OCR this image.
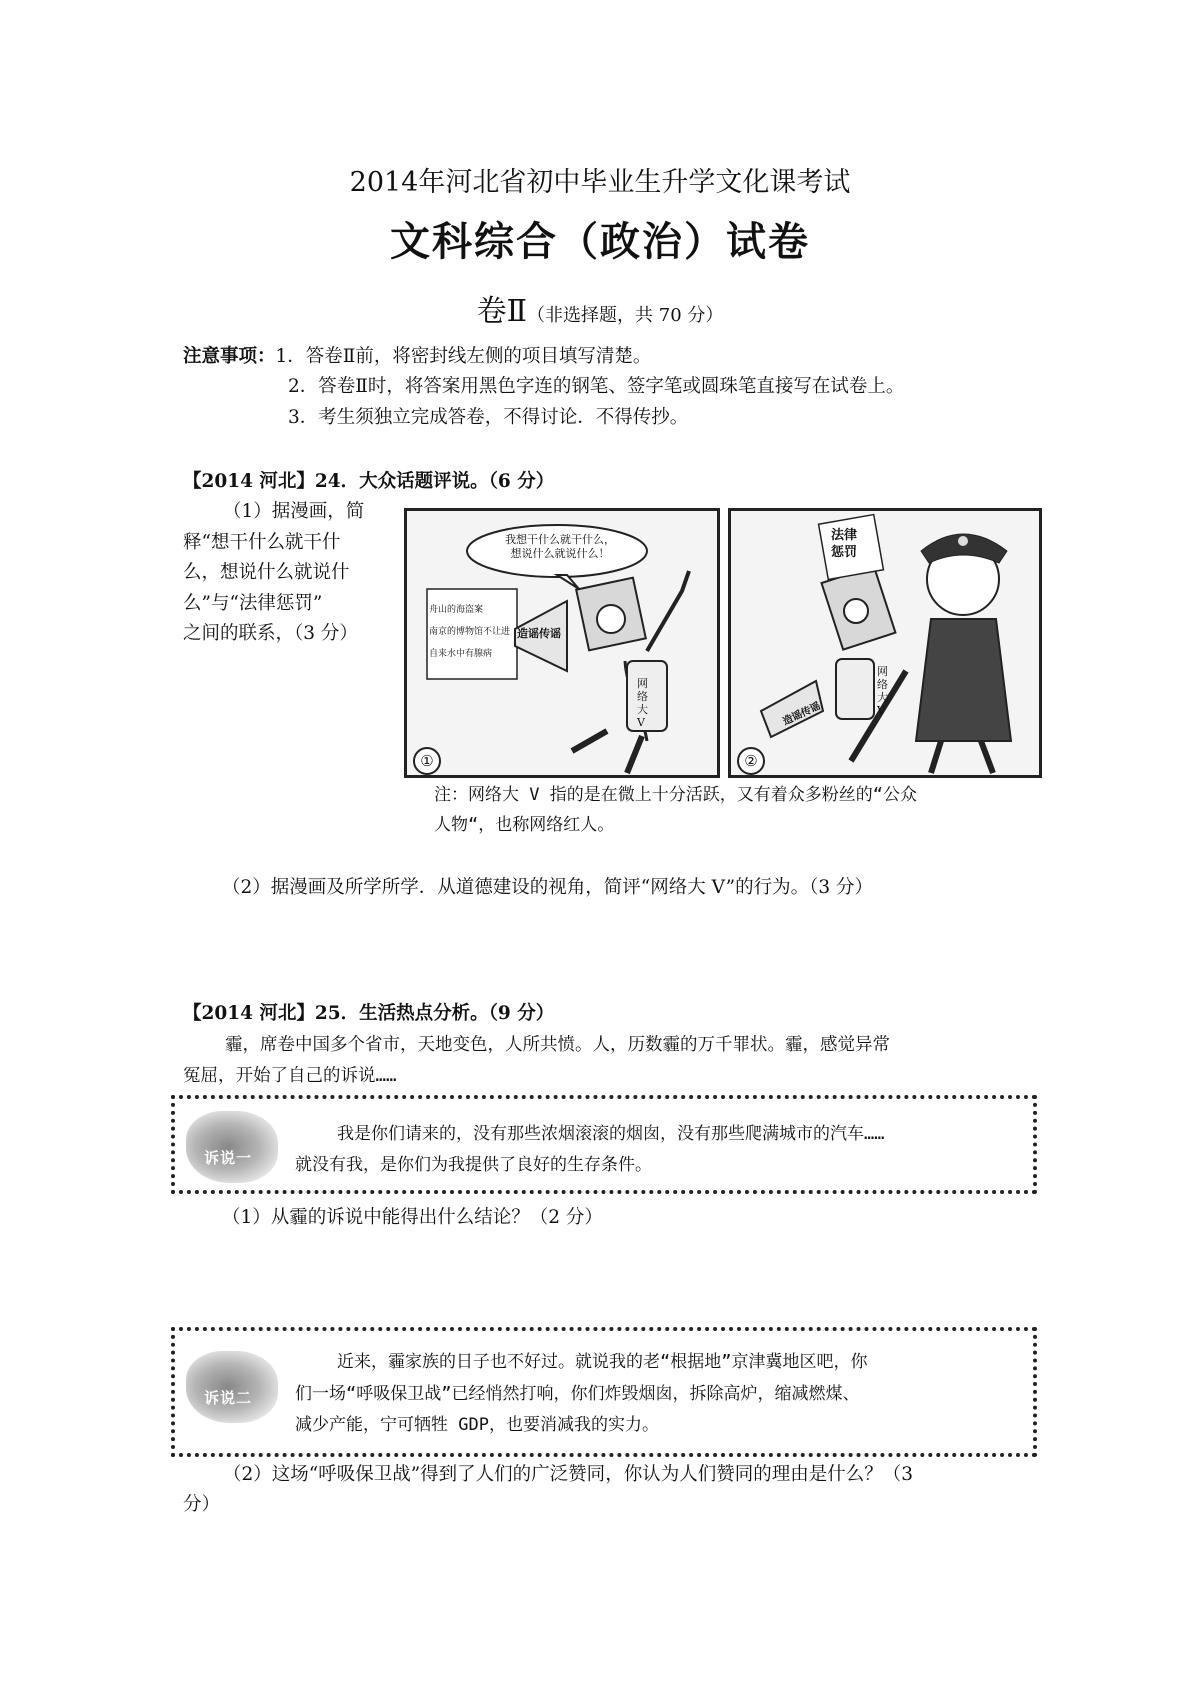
2014年河北省初中毕业生升学文化课考试
文科综合（政治）试卷
卷Ⅱ（非选择题，共 70 分）
注意事项：1．答卷Ⅱ前，将密封线左侧的项目填写清楚。
2．答卷Ⅱ时，将答案用黑色字连的钢笔、签字笔或圆珠笔直接写在试卷上。
3．考生须独立完成答卷，不得讨论．不得传抄。
【2014 河北】24．大众话题评说。（6 分）
（1）据漫画，简
释“想干什么就干什
么，想说什么就说什
么”与“法律惩罚”
之间的联系，（3 分）
我想干什么就干什么，
想说什么就说什么！
舟山的海盗案
南京的博物馆不让进
自来水中有腺病
造谣传谣
网络大V
①
法律惩罚
造谣传谣
网络大V
②
注：网络大 V 指的是在微上十分活跃，又有着众多粉丝的“公众
人物“，也称网络红人。
（2）据漫画及所学所学．从道德建设的视角，简评“网络大 V”的行为。（3 分）
【2014 河北】25．生活热点分析。（9 分）
霾，席卷中国多个省市，天地变色，人所共愤。人，历数霾的万千罪状。霾，感觉异常
冤屈，开始了自己的诉说……
诉说一
我是你们请来的，没有那些浓烟滚滚的烟囱，没有那些爬满城市的汽车……
就没有我，是你们为我提供了良好的生存条件。
（1）从霾的诉说中能得出什么结论？（2 分）
诉说二
近来，霾家族的日子也不好过。就说我的老“根据地”京津冀地区吧，你
们一场“呼吸保卫战”已经悄然打响，你们炸毁烟囱，拆除高炉，缩减燃煤、
减少产能，宁可牺牲 GDP，也要消减我的实力。
（2）这场“呼吸保卫战”得到了人们的广泛赞同，你认为人们赞同的理由是什么？（3
分）
